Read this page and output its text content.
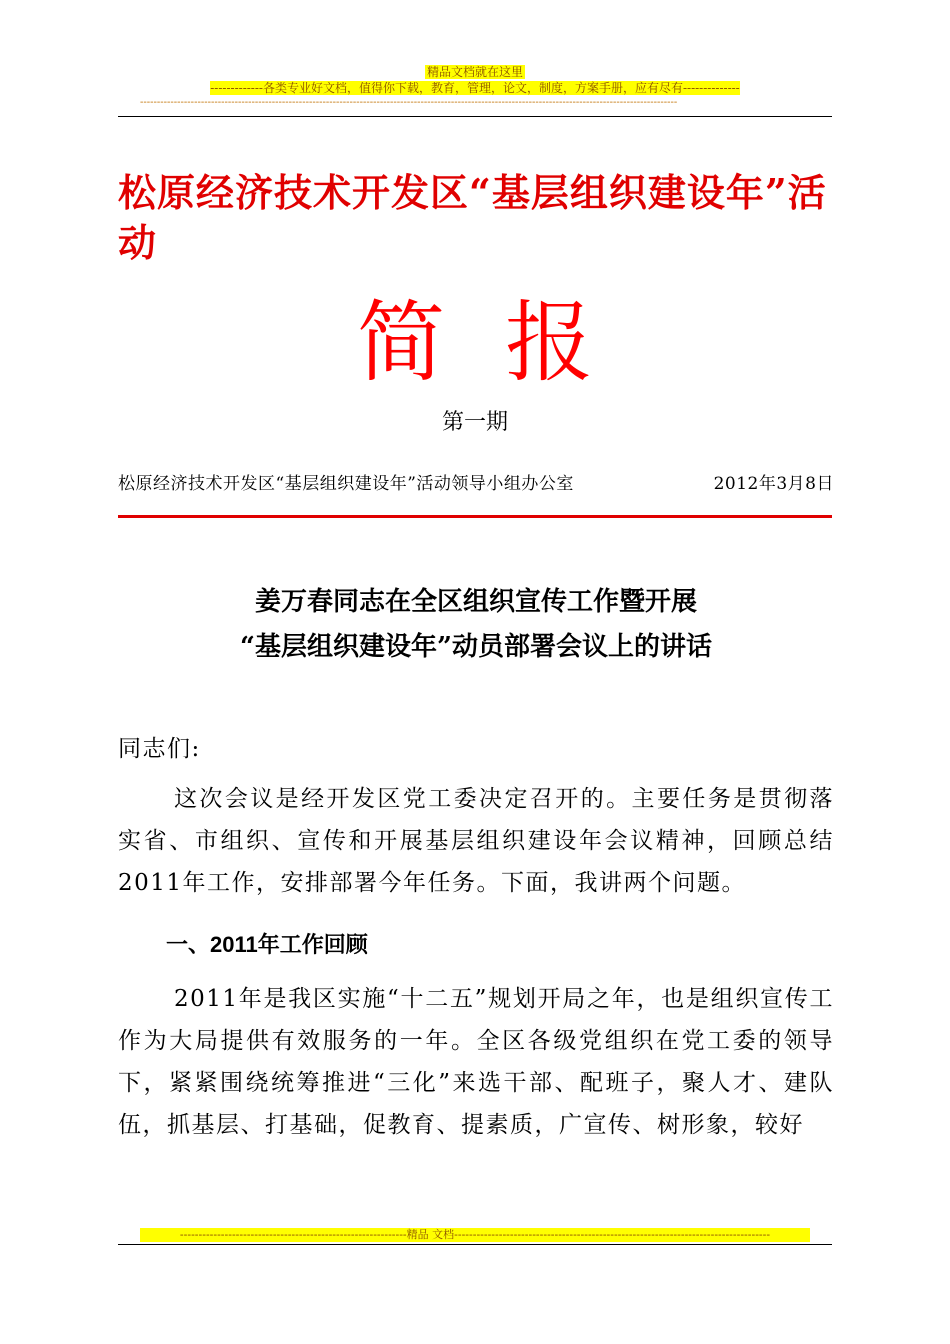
精品文档就在这里
-------------各类专业好文档，值得你下载，教育，管理，论文，制度，方案手册，应有尽有--------------
---------------------------------------------------------------------------------------------------------------------------------------------------------------
松原经济技术开发区“基层组织建设年”活动
简报
第一期
松原经济技术开发区“基层组织建设年”活动领导小组办公室	2012年3月8日
姜万春同志在全区组织宣传工作暨开展
“基层组织建设年”动员部署会议上的讲话
同志们:
这次会议是经开发区党工委决定召开的。主要任务是贯彻落实省、市组织、宣传和开展基层组织建设年会议精神，回顾总结2011年工作，安排部署今年任务。下面，我讲两个问题。
一、2011年工作回顾
2011年是我区实施“十二五”规划开局之年，也是组织宣传工作为大局提供有效服务的一年。全区各级党组织在党工委的领导下，紧紧围绕统筹推进“三化”来选干部、配班子，聚人才、建队伍，抓基层、打基础，促教育、提素质，广宣传、树形象，较好
-------------------------------------------------------------精品 文档-------------------------------------------------------------------------------------
